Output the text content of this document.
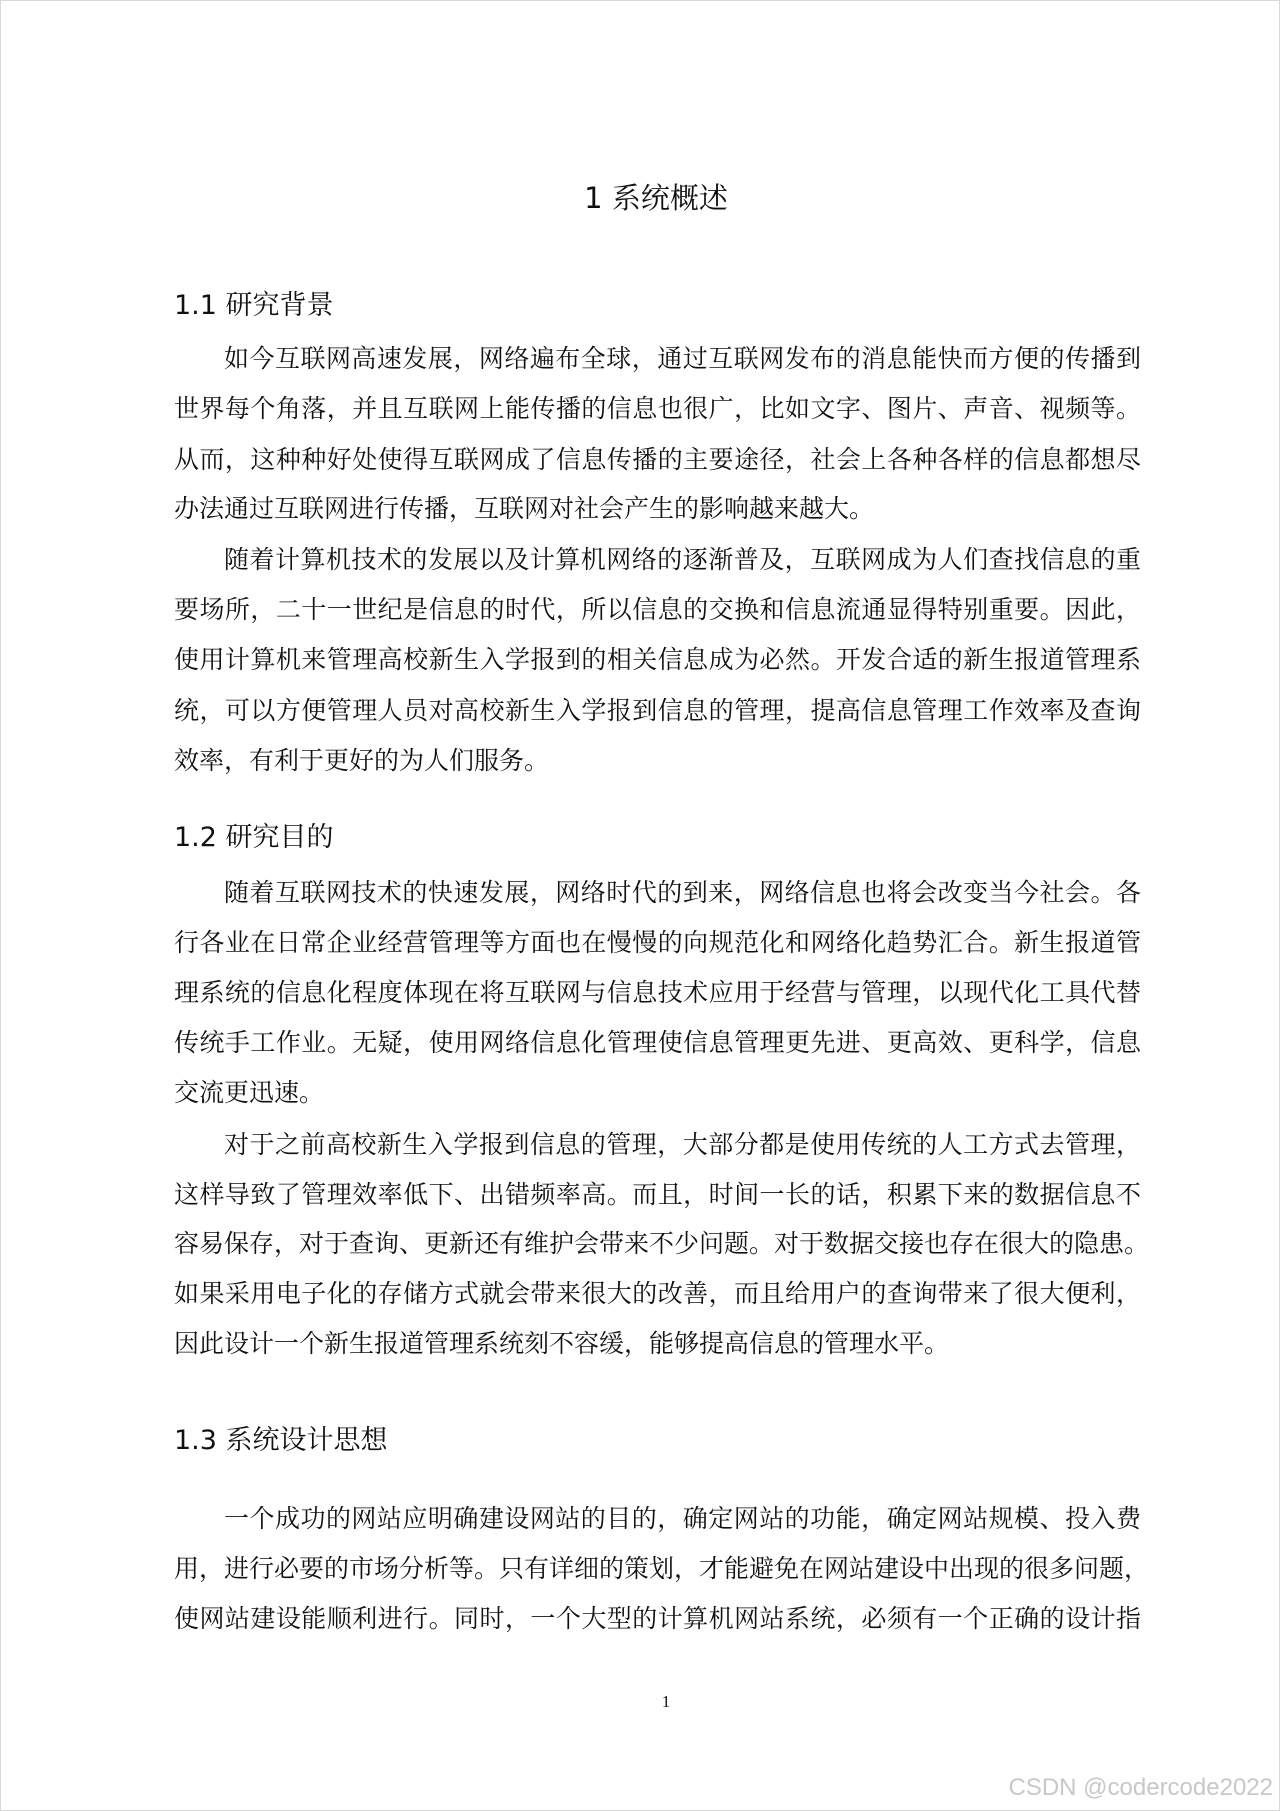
1 系统概述
1.1 研究背景
如今互联网高速发展，网络遍布全球，通过互联网发布的消息能快而方便的传播到
世界每个角落，并且互联网上能传播的信息也很广，比如文字、图片、声音、视频等。
从而，这种种好处使得互联网成了信息传播的主要途径，社会上各种各样的信息都想尽
办法通过互联网进行传播，互联网对社会产生的影响越来越大。
随着计算机技术的发展以及计算机网络的逐渐普及，互联网成为人们查找信息的重
要场所，二十一世纪是信息的时代，所以信息的交换和信息流通显得特别重要。因此，
使用计算机来管理高校新生入学报到的相关信息成为必然。开发合适的新生报道管理系
统，可以方便管理人员对高校新生入学报到信息的管理，提高信息管理工作效率及查询
效率，有利于更好的为人们服务。
1.2 研究目的
随着互联网技术的快速发展，网络时代的到来，网络信息也将会改变当今社会。各
行各业在日常企业经营管理等方面也在慢慢的向规范化和网络化趋势汇合。新生报道管
理系统的信息化程度体现在将互联网与信息技术应用于经营与管理，以现代化工具代替
传统手工作业。无疑，使用网络信息化管理使信息管理更先进、更高效、更科学，信息
交流更迅速。
对于之前高校新生入学报到信息的管理，大部分都是使用传统的人工方式去管理，
这样导致了管理效率低下、出错频率高。而且，时间一长的话，积累下来的数据信息不
容易保存，对于查询、更新还有维护会带来不少问题。对于数据交接也存在很大的隐患。
如果采用电子化的存储方式就会带来很大的改善，而且给用户的查询带来了很大便利，
因此设计一个新生报道管理系统刻不容缓，能够提高信息的管理水平。
1.3 系统设计思想
一个成功的网站应明确建设网站的目的，确定网站的功能，确定网站规模、投入费
用，进行必要的市场分析等。只有详细的策划，才能避免在网站建设中出现的很多问题，
使网站建设能顺利进行。同时，一个大型的计算机网站系统，必须有一个正确的设计指
1
CSDN @codercode2022
